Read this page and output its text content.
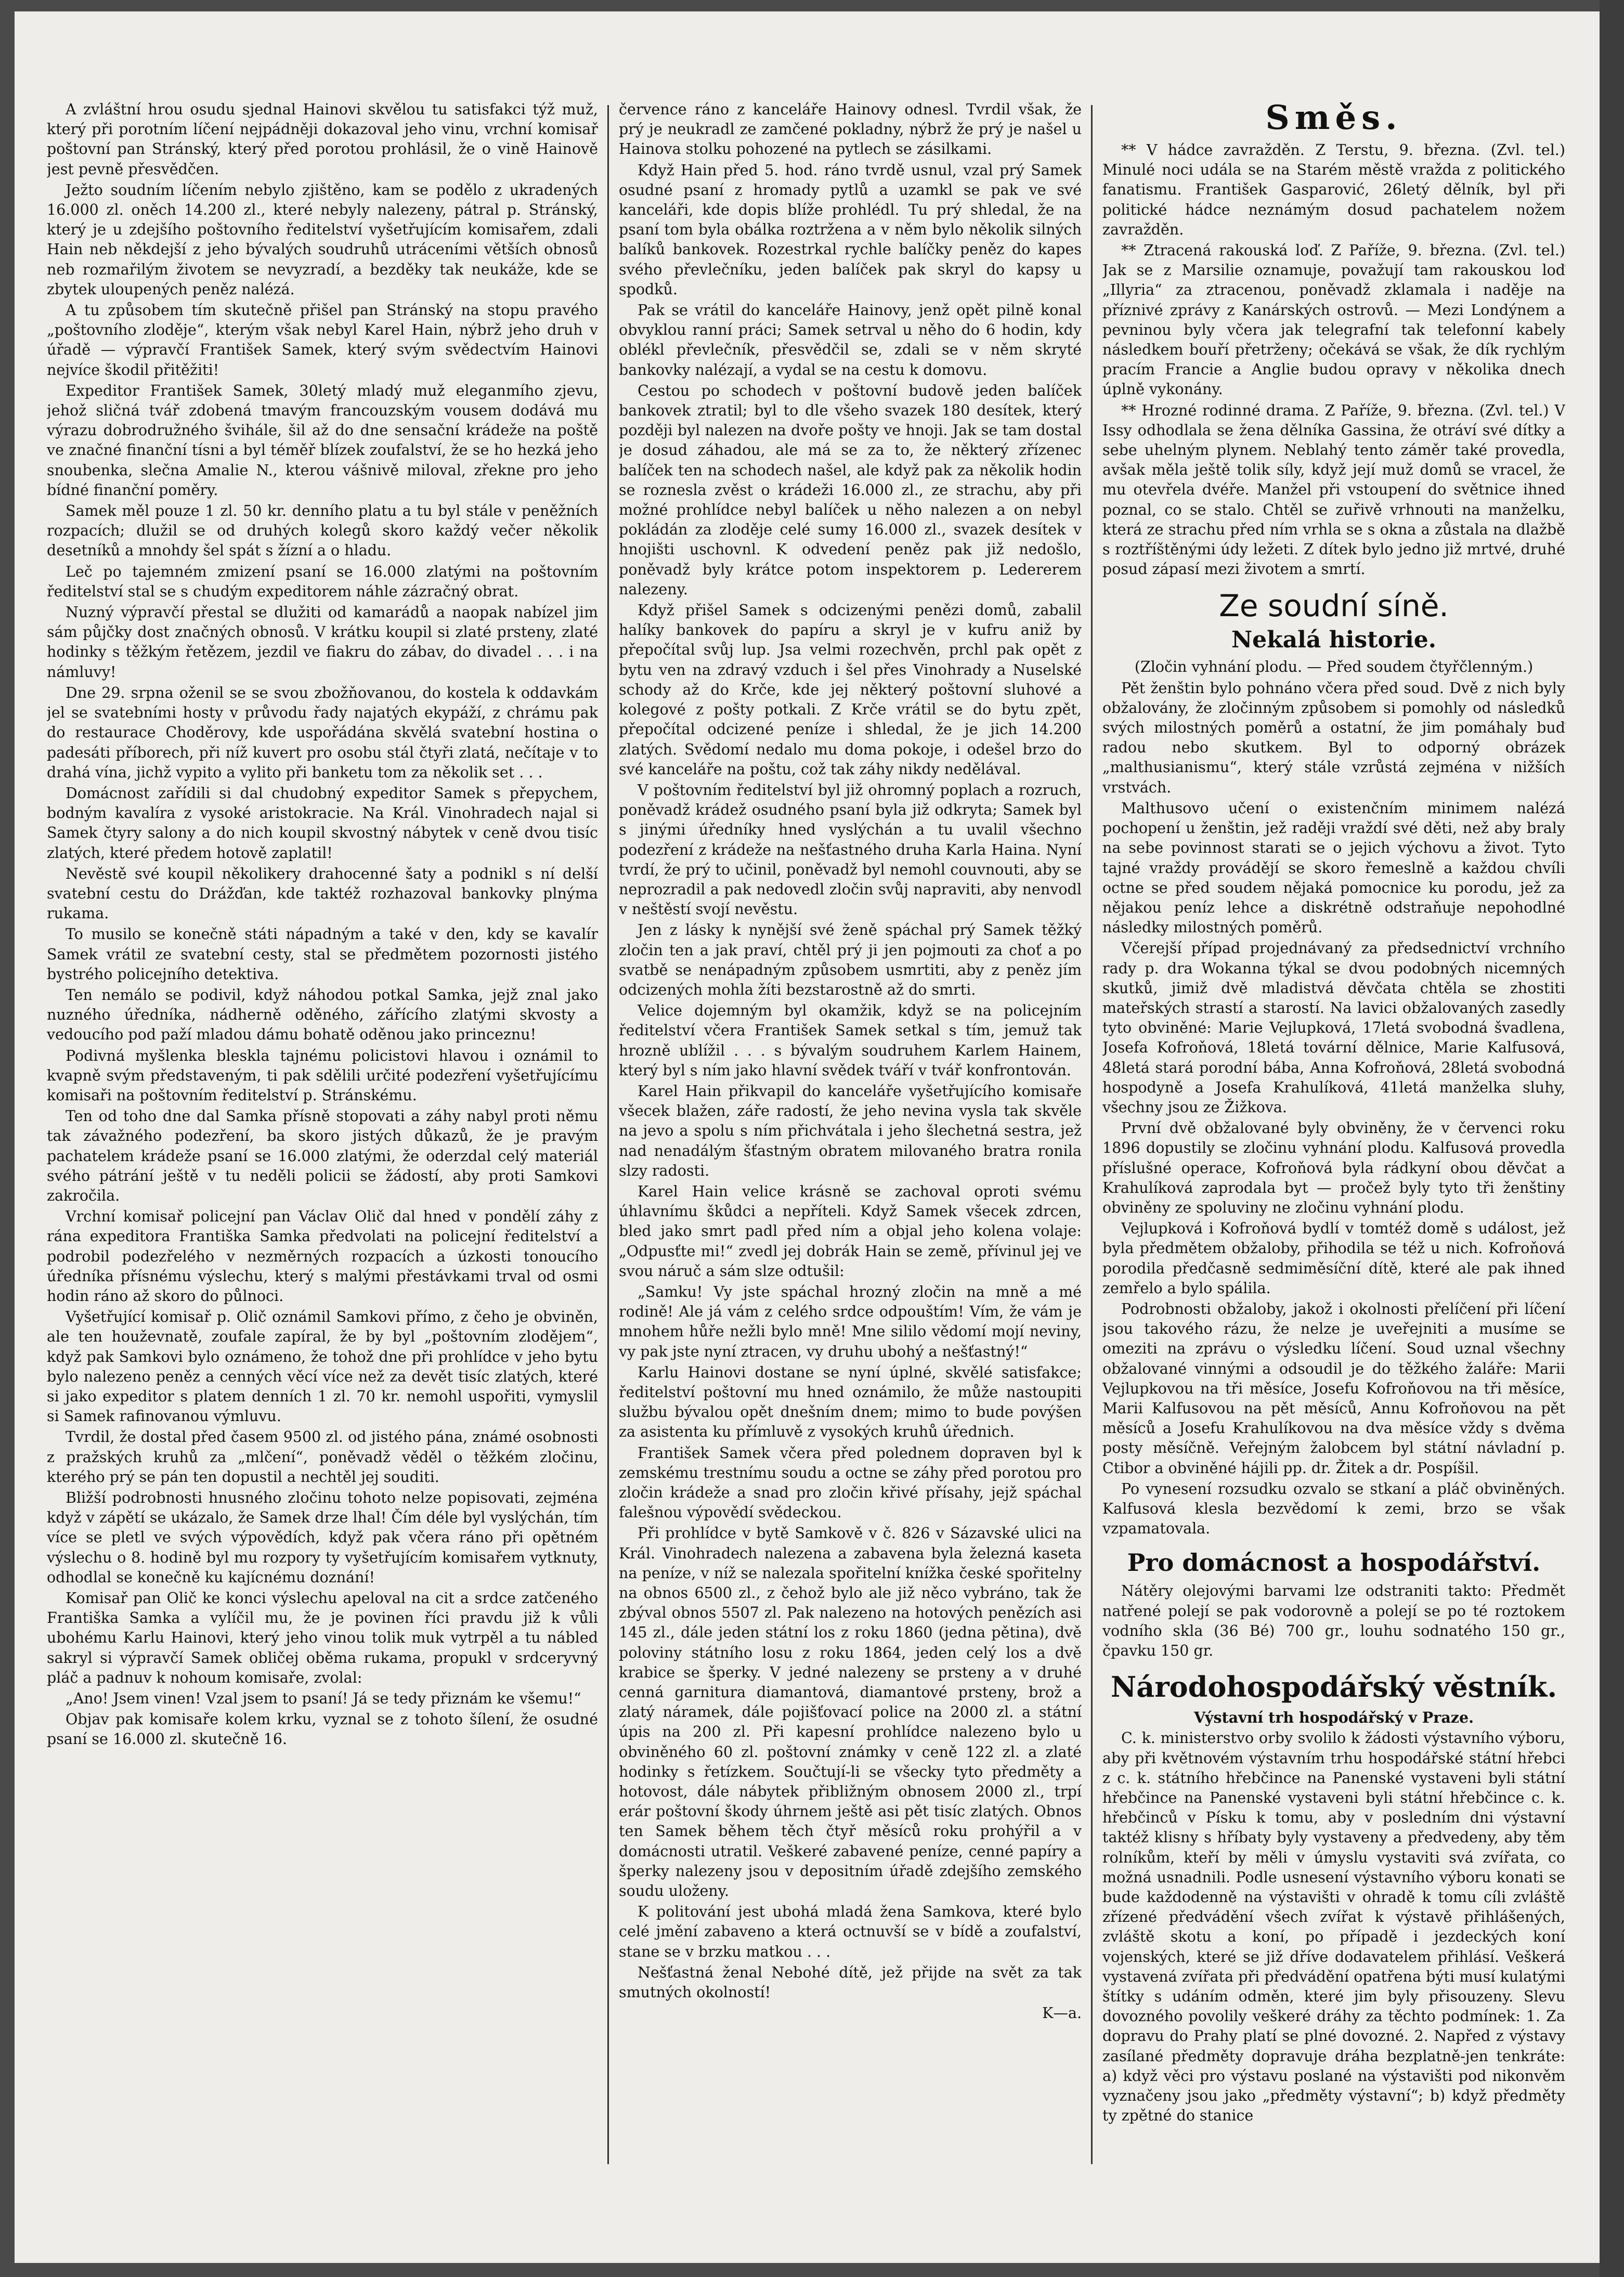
A zvláštní hrou osudu sjednal Hainovi skvělou tu satisfakci týž muž, který při porotním líčení nejpádněji dokazoval jeho vinu, vrchní komisař poštovní pan Stránský, který před porotou prohlásil, že o vině Hainově jest pevně přesvědčen.

Ježto soudním líčením nebylo zjištěno, kam se podělo z ukradených 16.000 zl. oněch 14.200 zl., které nebyly nalezeny, pátral p. Stránský, který je u zdejšího poštovního ředitelství vyšetřujícím komisařem, zdali Hain neb někdejší z jeho bývalých soudruhů utráceními větších obnosů neb rozmařilým životem se nevyzradí, a bezděky tak neukáže, kde se zbytek uloupených peněz nalézá.

A tu způsobem tím skutečně přišel pan Stránský na stopu pravého „poštovního zloděje“, kterým však nebyl Karel Hain, nýbrž jeho druh v úřadě — výpravčí František Samek, který svým svědectvím Hainovi nejvíce škodil přitěžiti!

Expeditor František Samek, 30letý mladý muž eleganmího zjevu, jehož sličná tvář zdobená tmavým francouzským vousem dodává mu výrazu dobrodružného švihále, šil až do dne sensační krádeže na poště ve značné finanční tísni a byl téměř blízek zoufalství, že se ho hezká jeho snoubenka, slečna Amalie N., kterou vášnivě miloval, zřekne pro jeho bídné finanční poměry.

Samek měl pouze 1 zl. 50 kr. denního platu a tu byl stále v peněžních rozpacích; dlužil se od druhých kolegů skoro každý večer několik desetníků a mnohdy šel spát s žízní a o hladu.

Leč po tajemném zmizení psaní se 16.000 zlatými na poštovním ředitelství stal se s chudým expeditorem náhle zázračný obrat.

Nuzný výpravčí přestal se dlužiti od kamarádů a naopak nabízel jim sám půjčky dost značných obnosů. V krátku koupil si zlaté prsteny, zlaté hodinky s těžkým řetězem, jezdil ve fiakru do zábav, do divadel . . . i na námluvy!

Dne 29. srpna oženil se se svou zbožňovanou, do kostela k oddavkám jel se svatebními hosty v průvodu řady najatých ekypáží, z chrámu pak do restaurace Choděrovy, kde uspořádána skvělá svatební hostina o padesáti příborech, při níž kuvert pro osobu stál čtyři zlatá, nečítaje v to drahá vína, jichž vypito a vylito při banketu tom za několik set . . .

Domácnost zařídili si dal chudobný expeditor Samek s přepychem, bodným kavalíra z vysoké aristokracie. Na Král. Vinohradech najal si Samek čtyry salony a do nich koupil skvostný nábytek v ceně dvou tisíc zlatých, které předem hotově zaplatil!

Nevěstě své koupil několikery drahocenné šaty a podnikl s ní delší svatební cestu do Drážďan, kde taktéž rozhazoval bankovky plnýma rukama.

To musilo se konečně státi nápadným a také v den, kdy se kavalír Samek vrátil ze svatební cesty, stal se předmětem pozornosti jistého bystrého policejního detektiva.

Ten nemálo se podivil, když náhodou potkal Samka, jejž znal jako nuzného úředníka, nádherně oděného, zářícího zlatými skvosty a vedoucího pod paží mladou dámu bohatě oděnou jako princeznu!

Podivná myšlenka bleskla tajnému policistovi hlavou i oznámil to kvapně svým představeným, ti pak sdělili určité podezření vyšetřujícímu komisaři na poštovním ředitelství p. Stránskému.

Ten od toho dne dal Samka přísně stopovati a záhy nabyl proti němu tak závažného podezření, ba skoro jistých důkazů, že je pravým pachatelem krádeže psaní se 16.000 zlatými, že oderzdal celý materiál svého pátrání ještě v tu neděli policii se žádostí, aby proti Samkovi zakročila.

Vrchní komisař policejní pan Václav Olič dal hned v pondělí záhy z rána expeditora Františka Samka předvolati na policejní ředitelství a podrobil podezřelého v nezměrných rozpacích a úzkosti tonoucího úředníka přísnému výslechu, který s malými přestávkami trval od osmi hodin ráno až skoro do půlnoci.

Vyšetřující komisař p. Olič oznámil Samkovi přímo, z čeho je obviněn, ale ten houževnatě, zoufale zapíral, že by byl „poštovním zlodějem“, když pak Samkovi bylo oznámeno, že tohož dne při prohlídce v jeho bytu bylo nalezeno peněz a cenných věcí více než za devět tisíc zlatých, které si jako expeditor s platem denních 1 zl. 70 kr. nemohl uspořiti, vymyslil si Samek rafinovanou výmluvu.

Tvrdil, že dostal před časem 9500 zl. od jistého pána, známé osobnosti z pražských kruhů za „mlčení“, poněvadž věděl o těžkém zločinu, kterého prý se pán ten dopustil a nechtěl jej souditi.

Bližší podrobnosti hnusného zločinu tohoto nelze popisovati, zejména když v zápětí se ukázalo, že Samek drze lhal! Čím déle byl vyslýchán, tím více se pletl ve svých výpovědích, když pak včera ráno při opětném výslechu o 8. hodině byl mu rozpory ty vyšetřujícím komisařem vytknuty, odhodlal se konečně ku kajícnému doznání!

Komisař pan Olič ke konci výslechu apeloval na cit a srdce zatčeného Františka Samka a vylíčil mu, že je povinen říci pravdu již k vůli ubohému Karlu Hainovi, který jeho vinou tolik muk vytrpěl a tu nábled sakryl si výpravčí Samek obličej oběma rukama, propukl v srdceryvný pláč a padnuv k nohoum komisaře, zvolal:

„Ano! Jsem vinen! Vzal jsem to psaní! Já se tedy přiznám ke všemu!“

Objav pak komisaře kolem krku, vyznal se z tohoto šílení, že osudné psaní se 16.000 zl. skutečně 16.

července ráno z kanceláře Hainovy odnesl. Tvrdil však, že prý je neukradl ze zamčené pokladny, nýbrž že prý je našel u Hainova stolku pohozené na pytlech se zásilkami.

Když Hain před 5. hod. ráno tvrdě usnul, vzal prý Samek osudné psaní z hromady pytlů a uzamkl se pak ve své kanceláři, kde dopis blíže prohlédl. Tu prý shledal, že na psaní tom byla obálka roztržena a v něm bylo několik silných balíků bankovek. Rozestrkal rychle balíčky peněz do kapes svého převlečníku, jeden balíček pak skryl do kapsy u spodků.

Pak se vrátil do kanceláře Hainovy, jenž opět pilně konal obvyklou ranní práci; Samek setrval u něho do 6 hodin, kdy oblékl převlečník, přesvědčil se, zdali se v něm skryté bankovky nalézají, a vydal se na cestu k domovu.

Cestou po schodech v poštovní budově jeden balíček bankovek ztratil; byl to dle všeho svazek 180 desítek, který později byl nalezen na dvoře pošty ve hnoji. Jak se tam dostal je dosud záhadou, ale má se za to, že některý zřízenec balíček ten na schodech našel, ale když pak za několik hodin se roznesla zvěst o krádeži 16.000 zl., ze strachu, aby při možné prohlídce nebyl balíček u něho nalezen a on nebyl pokládán za zloděje celé sumy 16.000 zl., svazek desítek v hnojišti uschovnl. K odvedení peněz pak již nedošlo, poněvadž byly krátce potom inspektorem p. Ledererem nalezeny.

Když přišel Samek s odcizenými penězi domů, zabalil halíky bankovek do papíru a skryl je v kufru aniž by přepočítal svůj lup. Jsa velmi rozechvěn, prchl pak opět z bytu ven na zdravý vzduch i šel přes Vinohrady a Nuselské schody až do Krče, kde jej některý poštovní sluhové a kolegové z pošty potkali. Z Krče vrátil se do bytu zpět, přepočítal odcizené peníze i shledal, že je jich 14.200 zlatých. Svědomí nedalo mu doma pokoje, i odešel brzo do své kanceláře na poštu, což tak záhy nikdy nedělával.

V poštovním ředitelství byl již ohromný poplach a rozruch, poněvadž krádež osudného psaní byla již odkryta; Samek byl s jinými úředníky hned vyslýchán a tu uvalil všechno podezření z krádeže na nešťastného druha Karla Haina. Nyní tvrdí, že prý to učinil, poněvadž byl nemohl couvnouti, aby se neprozradil a pak nedovedl zločin svůj napraviti, aby nenvodl v neštěstí svojí nevěstu.

Jen z lásky k nynější své ženě spáchal prý Samek těžký zločin ten a jak praví, chtěl prý ji jen pojmouti za choť a po svatbě se nenápadným způsobem usmrtiti, aby z peněz jím odcizených mohla žíti bezstarostně až do smrti.

Velice dojemným byl okamžik, když se na policejním ředitelství včera František Samek setkal s tím, jemuž tak hrozně ublížil . . . s bývalým soudruhem Karlem Hainem, který byl s ním jako hlavní svědek tváří v tvář konfrontován.

Karel Hain přikvapil do kanceláře vyšetřujícího komisaře všecek blažen, záře radostí, že jeho nevina vysla tak skvěle na jevo a spolu s ním přichvátala i jeho šlechetná sestra, jež nad nenadálým šťastným obratem milovaného bratra ronila slzy radosti.

Karel Hain velice krásně se zachoval oproti svému úhlavnímu škůdci a nepříteli. Když Samek všecek zdrcen, bled jako smrt padl před ním a objal jeho kolena volaje: „Odpusťte mi!“ zvedl jej dobrák Hain se země, přívinul jej ve svou náruč a sám slze odtušil:

„Samku! Vy jste spáchal hrozný zločin na mně a mé rodině! Ale já vám z celého srdce odpouštím! Vím, že vám je mnohem hůře nežli bylo mně! Mne sililo vědomí mojí neviny, vy pak jste nyní ztracen, vy druhu ubohý a nešťastný!“

Karlu Hainovi dostane se nyní úplné, skvělé satisfakce; ředitelství poštovní mu hned oznámilo, že může nastoupiti službu bývalou opět dnešním dnem; mimo to bude povýšen za asistenta ku přímluvě z vysokých kruhů úřednich.

František Samek včera před polednem dopraven byl k zemskému trestnímu soudu a octne se záhy před porotou pro zločin krádeže a snad pro zločin křivé přísahy, jejž spáchal falešnou výpovědí svědeckou.

Při prohlídce v bytě Samkově v č. 826 v Sázavské ulici na Král. Vinohradech nalezena a zabavena byla železná kaseta na peníze, v níž se nalezala spořitelní knížka české spořitelny na obnos 6500 zl., z čehož bylo ale již něco vybráno, tak že zbýval obnos 5507 zl. Pak nalezeno na hotových penězích asi 145 zl., dále jeden státní los z roku 1860 (jedna pětina), dvě poloviny státního losu z roku 1864, jeden celý los a dvě krabice se šperky. V jedné nalezeny se prsteny a v druhé cenná garnitura diamantová, diamantové prsteny, brož a zlatý náramek, dále pojišťovací police na 2000 zl. a státní úpis na 200 zl. Při kapesní prohlídce nalezeno bylo u obviněného 60 zl. poštovní známky v ceně 122 zl. a zlaté hodinky s řetízkem. Součtují-li se všecky tyto předměty a hotovost, dále nábytek přibližným obnosem 2000 zl., trpí erár poštovní škody úhrnem ještě asi pět tisíc zlatých. Obnos ten Samek během těch čtyř měsíců roku prohýřil a v domácnosti utratil. Veškeré zabavené peníze, cenné papíry a šperky nalezeny jsou v depositním úřadě zdejšího zemského soudu uloženy.

K politování jest ubohá mladá žena Samkova, které bylo celé jmění zabaveno a která octnuvší se v bídě a zoufalství, stane se v brzku matkou . . .

Nešťastná ženal Nebohé dítě, jež přijde na svět za tak smutných okolností!

K—a.

Směs.

** V hádce zavražděn. Z Terstu, 9. března. (Zvl. tel.) Minulé noci udála se na Starém městě vražda z politického fanatismu. František Gasparović, 26letý dělník, byl při politické hádce neznámým dosud pachatelem nožem zavražděn.

** Ztracená rakouská loď. Z Paříže, 9. března. (Zvl. tel.) Jak se z Marsilie oznamuje, považují tam rakouskou loď „Illyria“ za ztracenou, poněvadž zklamala i naděje na příznivé zprávy z Kanárských ostrovů. — Mezi Londýnem a pevninou byly včera jak telegrafní tak telefonní kabely následkem bouří přetrženy; očekává se však, že dík rychlým pracím Francie a Anglie budou opravy v několika dnech úplně vykonány.

** Hrozné rodinné drama. Z Paříže, 9. března. (Zvl. tel.) V Issy odhodlala se žena dělníka Gassina, že otráví své dítky a sebe uhelným plynem. Neblahý tento záměr také provedla, avšak měla ještě tolik síly, když její muž domů se vracel, že mu otevřela dvéře. Manžel při vstoupení do světnice ihned poznal, co se stalo. Chtěl se zuřivě vrhnouti na manželku, která ze strachu před ním vrhla se s okna a zůstala na dlažbě s roztříštěnými údy ležeti. Z dítek bylo jedno již mrtvé, druhé posud zápasí mezi životem a smrtí.

Ze soudní síně.
Nekalá historie.

(Zločin vyhnání plodu. — Před soudem čtyřčlenným.)

Pět ženštin bylo pohnáno včera před soud. Dvě z nich byly obžalovány, že zločinným způsobem si pomohly od následků svých milostných poměrů a ostatní, že jim pomáhaly buď radou nebo skutkem. Byl to odporný obrázek „malthusianismu“, který stále vzrůstá zejména v nižších vrstvách.

Malthusovo učení o existenčním minimem nalézá pochopení u ženštin, jež raději vraždí své děti, než aby braly na sebe povinnost starati se o jejich výchovu a život. Tyto tajné vraždy provádějí se skoro řemeslně a každou chvíli octne se před soudem nějaká pomocnice ku porodu, jež za nějakou peníz lehce a diskrétně odstraňuje nepohodlné následky milostných poměrů.

Včerejší případ projednávaný za předsednictví vrchního rady p. dra Wokanna týkal se dvou podobných nicemných skutků, jimiž dvě mladistvá děvčata chtěla se zhostiti mateřských strastí a starostí. Na lavici obžalovaných zasedly tyto obviněné: Marie Vejlupková, 17letá svobodná švadlena, Josefa Kofroňová, 18letá tovární dělnice, Marie Kalfusová, 48letá stará porodní bába, Anna Kofroňová, 28letá svobodná hospodyně a Josefa Krahulíková, 41letá manželka sluhy, všechny jsou ze Žižkova.

První dvě obžalované byly obviněny, že v červenci roku 1896 dopustily se zločinu vyhnání plodu. Kalfusová provedla příslušné operace, Kofroňová byla rádkyní obou děvčat a Krahulíková zaprodala byt — pročež byly tyto tři ženštiny obviněny ze spoluviny ne zločinu vyhnání plodu.

Vejlupková i Kofroňová bydlí v tomtéž domě s událost, jež byla předmětem obžaloby, přihodila se též u nich. Kofroňová porodila předčasně sedmiměsíční dítě, které ale pak ihned zemřelo a bylo spálila.

Podrobnosti obžaloby, jakož i okolnosti přelíčení při líčení jsou takového rázu, že nelze je uveřejniti a musíme se omeziti na zprávu o výsledku líčení. Soud uznal všechny obžalované vinnými a odsoudil je do těžkého žaláře: Marii Vejlupkovou na tři měsíce, Josefu Kofroňovou na tři měsíce, Marii Kalfusovou na pět měsíců, Annu Kofroňovou na pět měsíců a Josefu Krahulíkovou na dva měsíce vždy s dvěma posty měsíčně. Veřejným žalobcem byl státní návladní p. Ctibor a obviněné hájili pp. dr. Žitek a dr. Pospíšil.

Po vynesení rozsudku ozvalo se stkaní a pláč obviněných. Kalfusová klesla bezvědomí k zemi, brzo se však vzpamatovala.

Pro domácnost a hospodářství.

Nátěry olejovými barvami lze odstraniti takto: Předmět natřené polejí se pak vodorovně a polejí se po té roztokem vodního skla (36 Bé) 700 gr., louhu sodnatého 150 gr., čpavku 150 gr.

Národohospodářský věstník.

Výstavní trh hospodářský v Praze.

C. k. ministerstvo orby svolilo k žádosti výstavního výboru, aby při květnovém výstavním trhu hospodářské státní hřebci z c. k. státního hřebčince na Panenské vystaveni byli státní hřebčince na Panenské vystaveni byli státní hřebčince c. k. hřebčinců v Písku k tomu, aby v posledním dni výstavní taktéž klisny s hříbaty byly vystaveny a předvedeny, aby těm rolníkům, kteří by měli v úmyslu vystaviti svá zvířata, co možná usnadnili. Podle usnesení výstavního výboru konati se bude každodenně na výstavišti v ohradě k tomu cíli zvláště zřízené předvádění všech zvířat k výstavě přihlášených, zvláště skotu a koní, po případě i jezdeckých koní vojenských, které se již dříve dodavatelem přihlásí. Veškerá vystavená zvířata při předvádění opatřena býti musí kulatými štítky s udáním odměn, které jim byly přisouzeny. Slevu dovozného povolily veškeré dráhy za těchto podmínek: 1. Za dopravu do Prahy platí se plné dovozné. 2. Napřed z výstavy zasílané předměty dopravuje dráha bezplatně-jen tenkráte: a) když věci pro výstavu poslané na výstavišti pod nikonvěm vyznačeny jsou jako „předměty výstavní“; b) když předměty ty zpětné do stanice
